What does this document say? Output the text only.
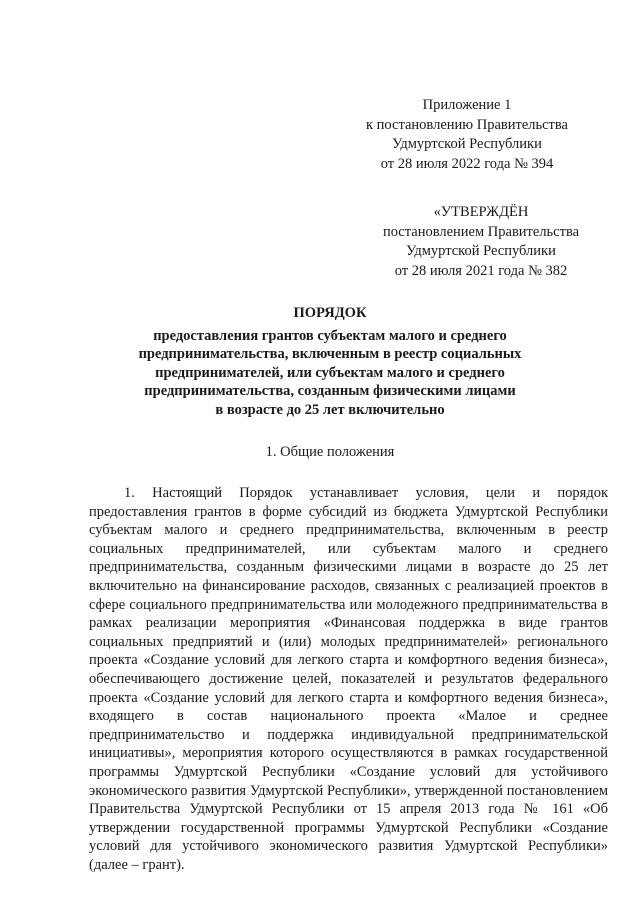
Приложение 1
к постановлению Правительства
Удмуртской Республики
от 28 июля 2022 года № 394
«УТВЕРЖДЁН
постановлением Правительства
Удмуртской Республики
от 28 июля 2021 года № 382
ПОРЯДОК
предоставления грантов субъектам малого и среднего
предпринимательства, включенным в реестр социальных
предпринимателей, или субъектам малого и среднего
предпринимательства, созданным физическими лицами
в возрасте до 25 лет включительно
1. Общие положения

1. Настоящий Порядок устанавливает условия, цели и порядок предоставления грантов в форме субсидий из бюджета Удмуртской Республики субъектам малого и среднего предпринимательства, включенным в реестр социальных предпринимателей, или субъектам малого и среднего предпринимательства, созданным физическими лицами в возрасте до 25 лет включительно на финансирование расходов, связанных с реализацией проектов в сфере социального предпринимательства или молодежного предпринимательства в рамках реализации мероприятия «Финансовая поддержка в виде грантов социальных предприятий и (или) молодых предпринимателей» регионального проекта «Создание условий для легкого старта и комфортного ведения бизнеса», обеспечивающего достижение целей, показателей и результатов федерального проекта «Создание условий для легкого старта и комфортного ведения бизнеса», входящего в состав национального проекта «Малое и среднее предпринимательство и поддержка индивидуальной предпринимательской инициативы», мероприятия которого осуществляются в рамках государственной программы Удмуртской Республики «Создание условий для устойчивого экономического развития Удмуртской Республики», утвержденной постановлением Правительства Удмуртской Республики от 15 апреля 2013 года № 161 «Об утверждении государственной программы Удмуртской Республики «Создание условий для устойчивого экономического развития Удмуртской Республики» (далее – грант).
